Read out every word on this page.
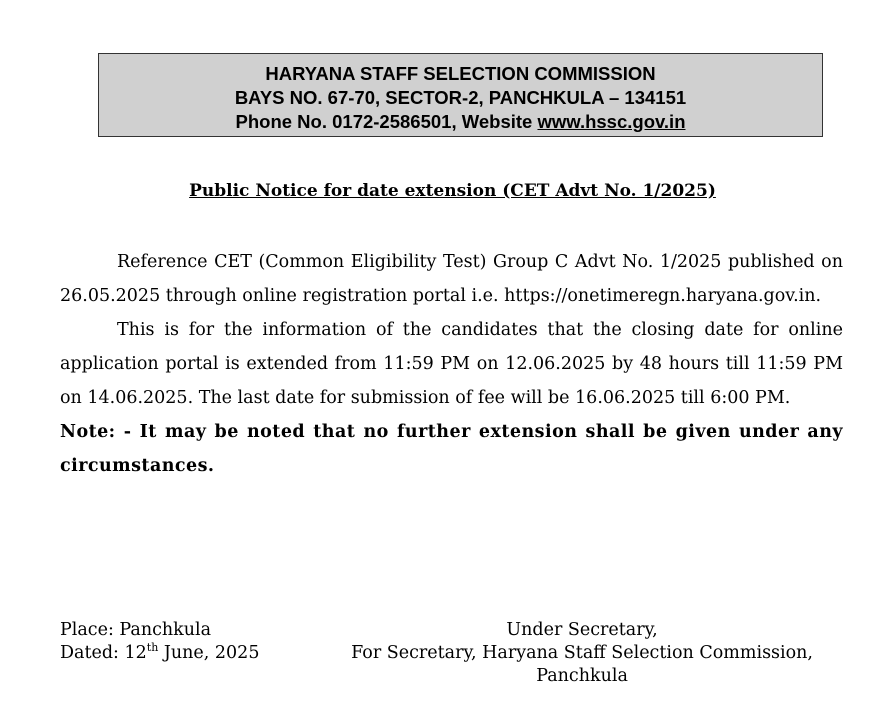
HARYANA STAFF SELECTION COMMISSION
BAYS NO. 67-70, SECTOR-2, PANCHKULA – 134151
Phone No. 0172-2586501, Website www.hssc.gov.in
Public Notice for date extension (CET Advt No. 1/2025)

Reference CET (Common Eligibility Test) Group C Advt No. 1/2025 published on 26.05.2025 through online registration portal i.e. https://onetimeregn.haryana.gov.in.

This is for the information of the candidates that the closing date for online application portal is extended from 11:59 PM on 12.06.2025 by 48 hours till 11:59 PM on 14.06.2025. The last date for submission of fee will be 16.06.2025 till 6:00 PM.

Note: - It may be noted that no further extension shall be given under any circumstances.

Place: Panchkula
Dated: 12th June, 2025
Under Secretary,
For Secretary, Haryana Staff Selection Commission,
Panchkula
